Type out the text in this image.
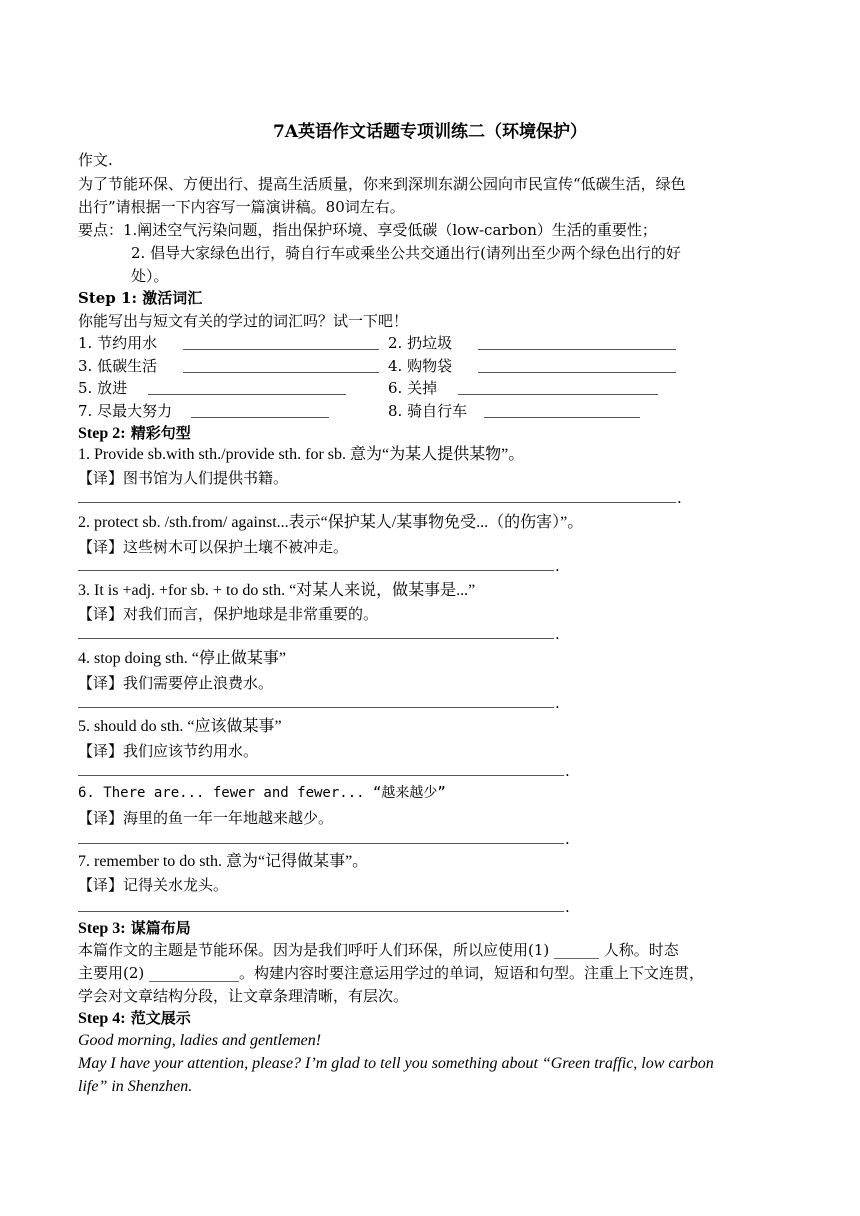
7A英语作文话题专项训练二（环境保护）
作文.
为了节能环保、方便出行、提高生活质量，你来到深圳东湖公园向市民宣传“低碳生活，绿色
出行”请根据一下内容写一篇演讲稿。80词左右。
要点：1.阐述空气污染问题，指出保护环境、享受低碳（low-carbon）生活的重要性；
2. 倡导大家绿色出行，骑自行车或乘坐公共交通出行(请列出至少两个绿色出行的好
处）。
Step 1: 激活词汇
你能写出与短文有关的学过的词汇吗？试一下吧！
1. 节约用水	2. 扔垃圾
3. 低碳生活	4. 购物袋
5. 放进	6. 关掉
7. 尽最大努力	8. 骑自行车
Step 2: 精彩句型
1. Provide sb.with sth./provide sth. for sb. 意为“为某人提供某物”。
【译】图书馆为人们提供书籍。
.
2. protect sb. /sth.from/ against...表示“保护某人/某事物免受...（的伤害）”。
【译】这些树木可以保护土壤不被冲走。
.
3. It is +adj. +for sb. + to do sth. “对某人来说，做某事是...”
【译】对我们而言，保护地球是非常重要的。
.
4. stop doing sth. “停止做某事”
【译】我们需要停止浪费水。
.
5. should do sth. “应该做某事”
【译】我们应该节约用水。
.
6. There are... fewer and fewer... “越来越少”
【译】海里的鱼一年一年地越来越少。
.
7. remember to do sth. 意为“记得做某事”。
【译】记得关水龙头。
.
Step 3: 谋篇布局
本篇作文的主题是节能环保。因为是我们呼吁人们环保，所以应使用(1) ______ 人称。时态
主要用(2) ____________。构建内容时要注意运用学过的单词，短语和句型。注重上下文连贯，
学会对文章结构分段，让文章条理清晰，有层次。
Step 4: 范文展示
Good morning, ladies and gentlemen!
May I have your attention, please? I’m glad to tell you something about “Green traffic, low carbon
life” in Shenzhen.
